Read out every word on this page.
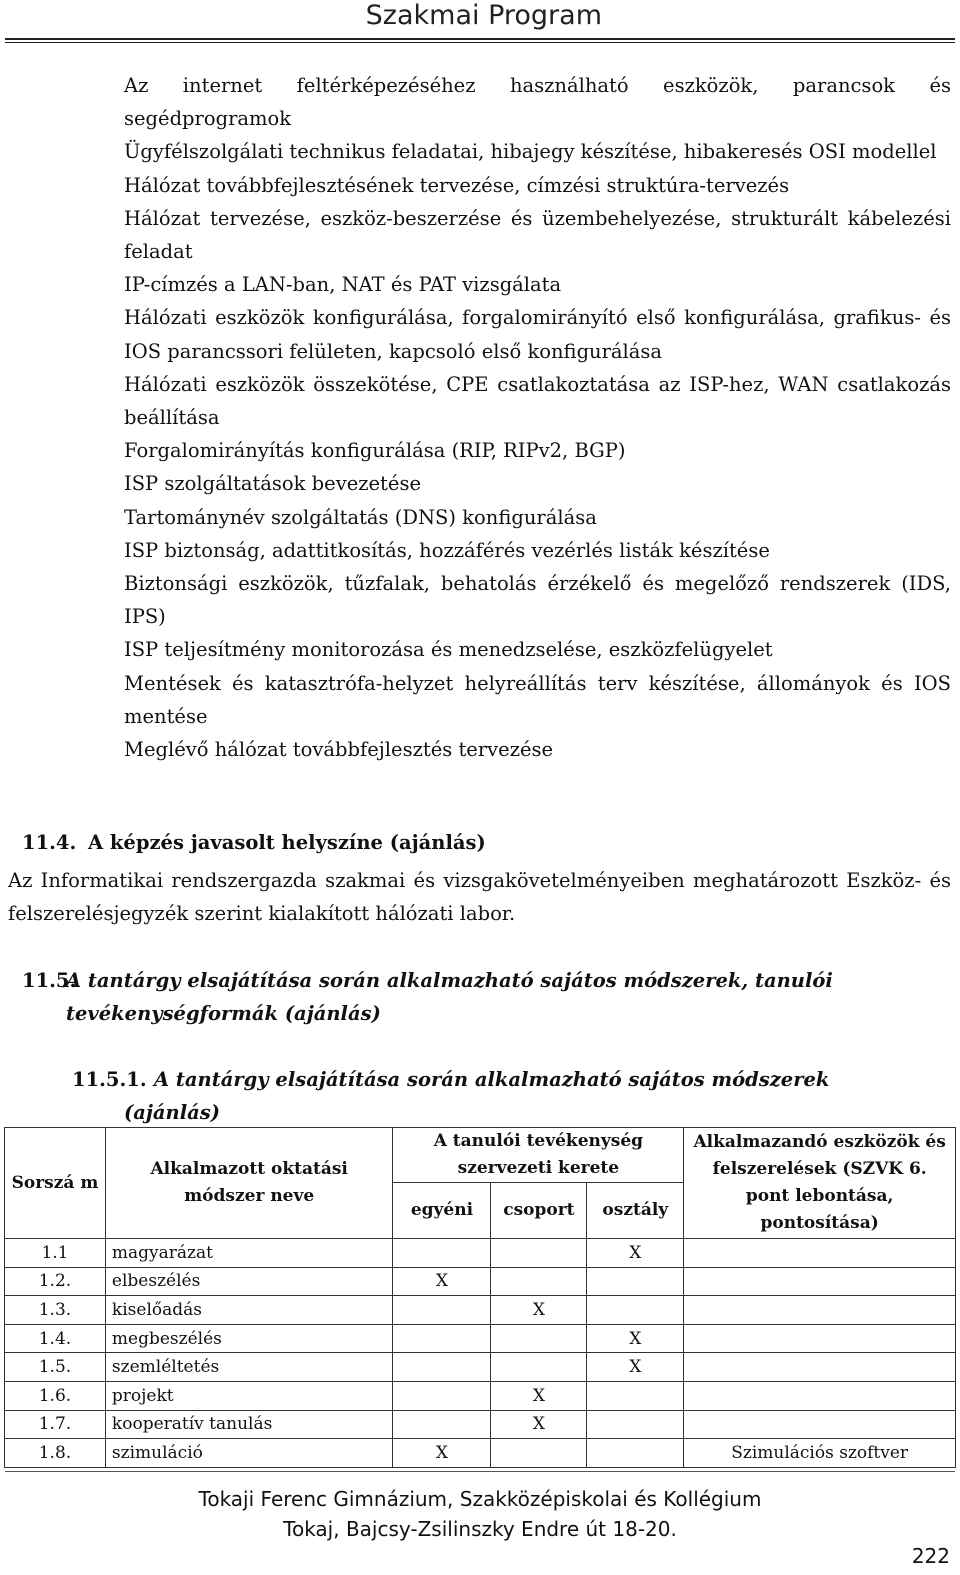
Szakmai Program
Az internet feltérképezéséhez használható eszközök, parancsok és segédprogramok
Ügyfélszolgálati technikus feladatai, hibajegy készítése, hibakeresés OSI modellel
Hálózat továbbfejlesztésének tervezése, címzési struktúra-tervezés
Hálózat tervezése, eszköz-beszerzése és üzembehelyezése, strukturált kábelezési feladat
IP-címzés a LAN-ban, NAT és PAT vizsgálata
Hálózati eszközök konfigurálása, forgalomirányító első konfigurálása, grafikus- és IOS parancssori felületen, kapcsoló első konfigurálása
Hálózati eszközök összekötése, CPE csatlakoztatása az ISP-hez, WAN csatlakozás beállítása
Forgalomirányítás konfigurálása (RIP, RIPv2, BGP)
ISP szolgáltatások bevezetése
Tartománynév szolgáltatás (DNS) konfigurálása
ISP biztonság, adattitkosítás, hozzáférés vezérlés listák készítése
Biztonsági eszközök, tűzfalak, behatolás érzékelő és megelőző rendszerek (IDS, IPS)
ISP teljesítmény monitorozása és menedzselése, eszközfelügyelet
Mentések és katasztrófa-helyzet helyreállítás terv készítése, állományok és IOS mentése
Meglévő hálózat továbbfejlesztés tervezése
11.4. A képzés javasolt helyszíne (ajánlás)

Az Informatikai rendszergazda szakmai és vizsgakövetelményeiben meghatározott Eszköz- és felszerelésjegyzék szerint kialakított hálózati labor.

11.5.A tantárgy elsajátítása során alkalmazható sajátos módszerek, tanulói
tevékenységformák (ajánlás)
11.5.1. A tantárgy elsajátítása során alkalmazható sajátos módszerek
(ajánlás)
Sorszá m	Alkalmazott oktatási módszer neve	A tanulói tevékenység szervezeti kerete			Alkalmazandó eszközök és felszerelések (SZVK 6. pont lebontása, pontosítása)
		egyéni	csoport	osztály	
1.1	magyarázat			X	
1.2.	elbeszélés	X			
1.3.	kiselőadás		X		
1.4.	megbeszélés			X	
1.5.	szemléltetés			X	
1.6.	projekt		X		
1.7.	kooperatív tanulás		X		
1.8.	szimuláció	X			Szimulációs szoftver
Tokaji Ferenc Gimnázium, Szakközépiskolai és Kollégium
Tokaj, Bajcsy-Zsilinszky Endre út 18-20.
222
